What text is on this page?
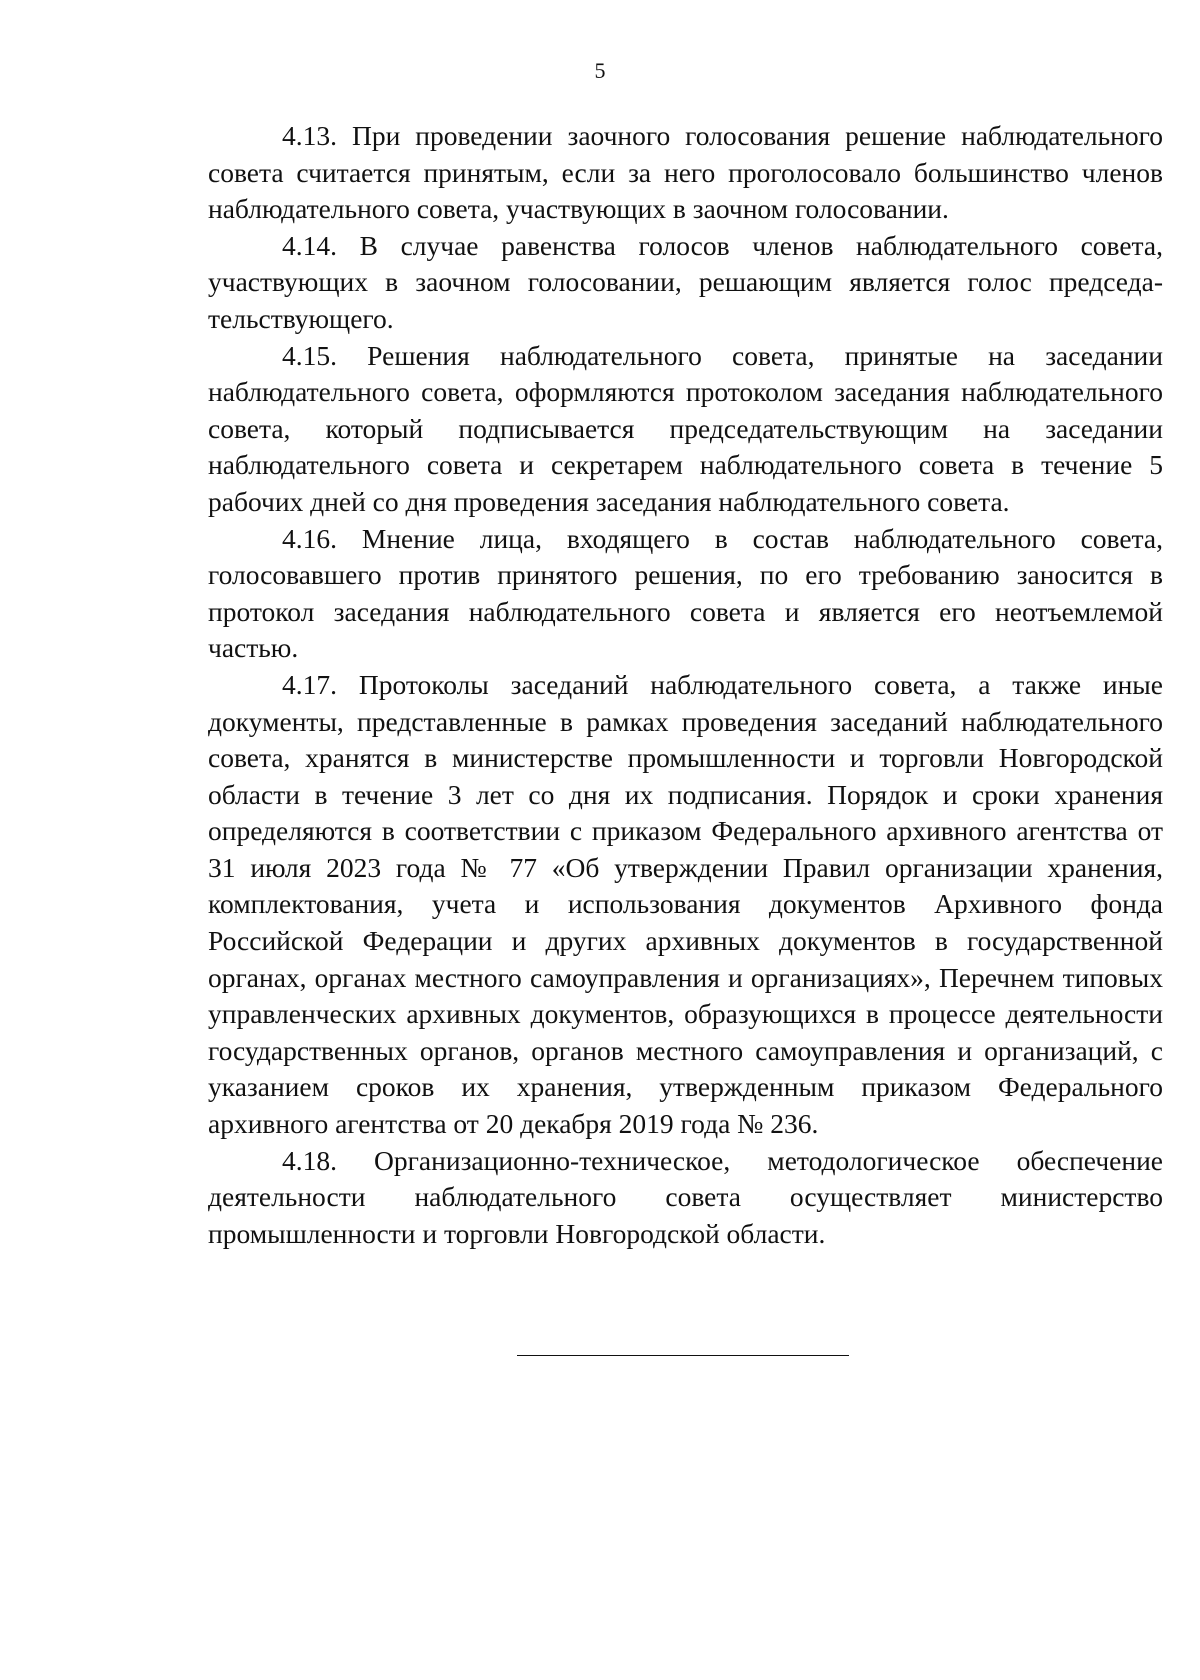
5

4.13. При проведении заочного голосования решение наблюдательного совета считается принятым, если за него проголосовало большинство членов наблюдательного совета, участвующих в заочном голосовании.

4.14. В случае равенства голосов членов наблюдательного совета, участвующих в заочном голосовании, решающим является голос председательствующего.

4.15. Решения наблюдательного совета, принятые на заседании наблюдательного совета, оформляются протоколом заседания наблюдательного совета, который подписывается председательствующим на заседании наблюдательного совета и секретарем наблюдательного совета в течение 5 рабочих дней со дня проведения заседания наблюдательного совета.

4.16. Мнение лица, входящего в состав наблюдательного совета, голосовавшего против принятого решения, по его требованию заносится в протокол заседания наблюдательного совета и является его неотъемлемой частью.

4.17. Протоколы заседаний наблюдательного совета, а также иные документы, представленные в рамках проведения заседаний наблюдательного совета, хранятся в министерстве промышленности и торговли Новгородской области в течение 3 лет со дня их подписания. Порядок и сроки хранения определяются в соответствии с приказом Федерального архивного агентства от 31 июля 2023 года № 77 «Об утверждении Правил организации хранения, комплектования, учета и использования документов Архивного фонда Российской Федерации и других архивных документов в государственной органах, органах местного самоуправления и организациях», Перечнем типовых управленческих архивных документов, образующихся в процессе деятельности государственных органов, органов местного самоуправления и организаций, с указанием сроков их хранения, утвержденным приказом Федерального архивного агентства от 20 декабря 2019 года № 236.

4.18. Организационно-техническое, методологическое обеспечение деятельности наблюдательного совета осуществляет министерство промышленности и торговли Новгородской области.
